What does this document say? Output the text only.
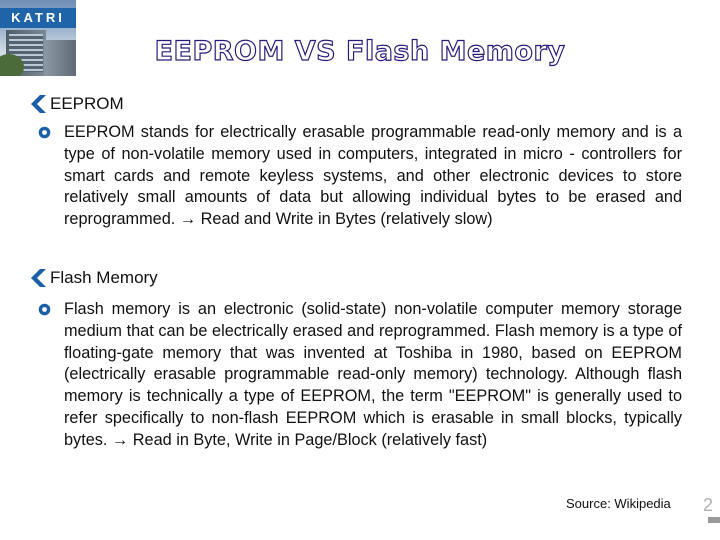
KATRI
EEPROM VS Flash Memory
EEPROM
EEPROM stands for electrically erasable programmable read-only memory and is a type of non-volatile memory used in computers, integrated in micro - controllers for smart cards and remote keyless systems, and other electronic devices to store relatively small amounts of data but allowing individual bytes to be erased and reprogrammed. → Read and Write in Bytes (relatively slow)
Flash Memory
Flash memory is an electronic (solid-state) non-volatile computer memory storage medium that can be electrically erased and reprogrammed. Flash memory is a type of floating-gate memory that was invented at Toshiba in 1980, based on EEPROM (electrically erasable programmable read-only memory) technology. Although flash memory is technically a type of EEPROM, the term "EEPROM" is generally used to refer specifically to non-flash EEPROM which is erasable in small blocks, typically bytes. → Read in Byte, Write in Page/Block (relatively fast)
Source: Wikipedia 2
